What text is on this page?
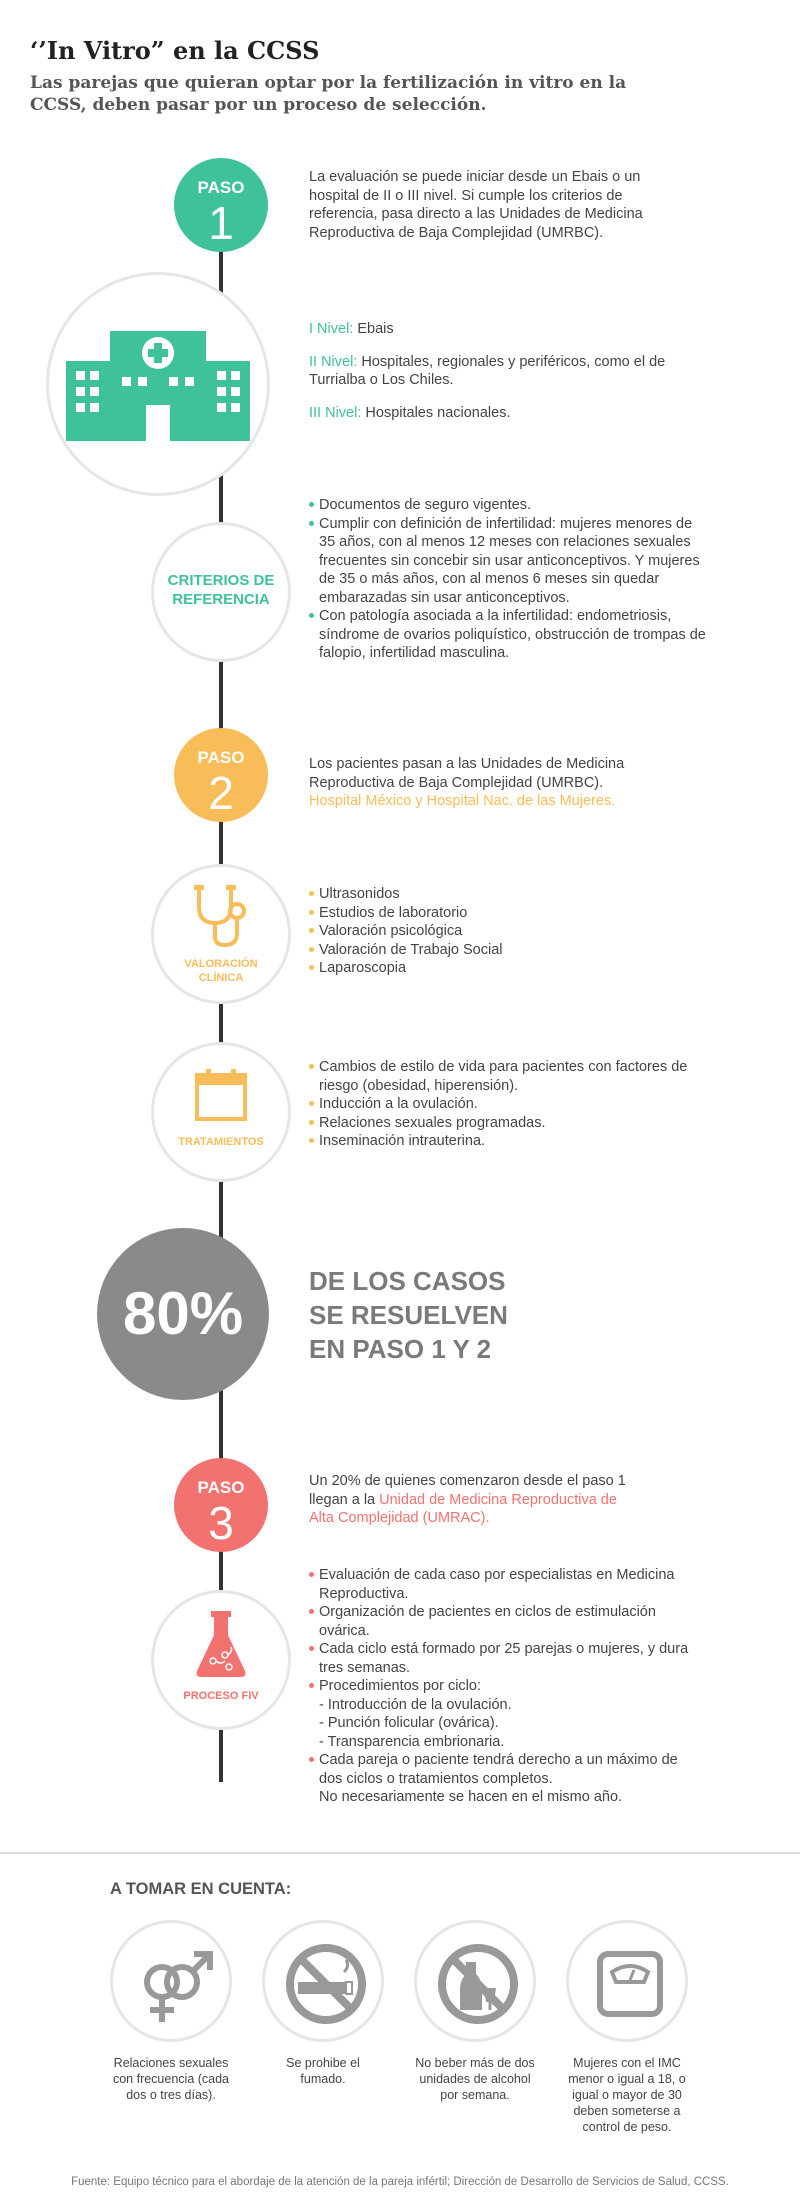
‘’In Vitro” en la CCSS
Las parejas que quieran optar por la fertilización in vitro en la CCSS, deben pasar por un proceso de selección.
PASO
1
La evaluación se puede iniciar desde un Ebais o un hospital de II o III nivel. Si cumple los criterios de referencia, pasa directo a las Unidades de Medicina Reproductiva de Baja Complejidad (UMRBC).

I Nivel: Ebais

II Nivel: Hospitales, regionales y periféricos, como el de Turrialba o Los Chiles.

III Nivel: Hospitales nacionales.

CRITERIOS DE REFERENCIA
Documentos de seguro vigentes.
Cumplir con definición de infertilidad: mujeres menores de 35 años, con al menos 12 meses con relaciones sexuales frecuentes sin concebir sin usar anticonceptivos. Y mujeres de 35 o más años, con al menos 6 meses sin quedar embarazadas sin usar anticonceptivos.
Con patología asociada a la infertilidad: endometriosis, síndrome de ovarios poliquístico, obstrucción de trompas de falopio, infertilidad masculina.
PASO
2
Los pacientes pasan a las Unidades de Medicina Reproductiva de Baja Complejidad (UMRBC).
Hospital México y Hospital Nac. de las Mujeres.
VALORACIÓN CLÍNICA
Ultrasonidos
Estudios de laboratorio
Valoración psicológica
Valoración de Trabajo Social
Laparoscopia
TRATAMIENTOS
Cambios de estilo de vida para pacientes con factores de riesgo (obesidad, hiperensión).
Inducción a la ovulación.
Relaciones sexuales programadas.
Inseminación intrauterina.
80%	DE LOS CASOS
SE RESUELVEN
EN PASO 1 Y 2
PASO
3
Un 20% de quienes comenzaron desde el paso 1 llegan a la Unidad de Medicina Reproductiva de Alta Complejidad (UMRAC).
PROCESO FIV
Evaluación de cada caso por especialistas en Medicina Reproductiva.
Organización de pacientes en ciclos de estimulación ovárica.
Cada ciclo está formado por 25 parejas o mujeres, y dura tres semanas.
Procedimientos por ciclo:
- Introducción de la ovulación.
- Punción folicular (ovárica).
- Transparencia embrionaria.
Cada pareja o paciente tendrá derecho a un máximo de dos ciclos o tratamientos completos.
No necesariamente se hacen en el mismo año.
A TOMAR EN CUENTA:
Relaciones sexuales con frecuencia (cada dos o tres días).
Se prohibe el fumado.
No beber más de dos unidades de alcohol por semana.
Mujeres con el IMC menor o igual a 18, o igual o mayor de 30 deben someterse a control de peso.
Fuente: Equipo técnico para el abordaje de la atención de la pareja infértil; Dirección de Desarrollo de Servicios de Salud, CCSS.
